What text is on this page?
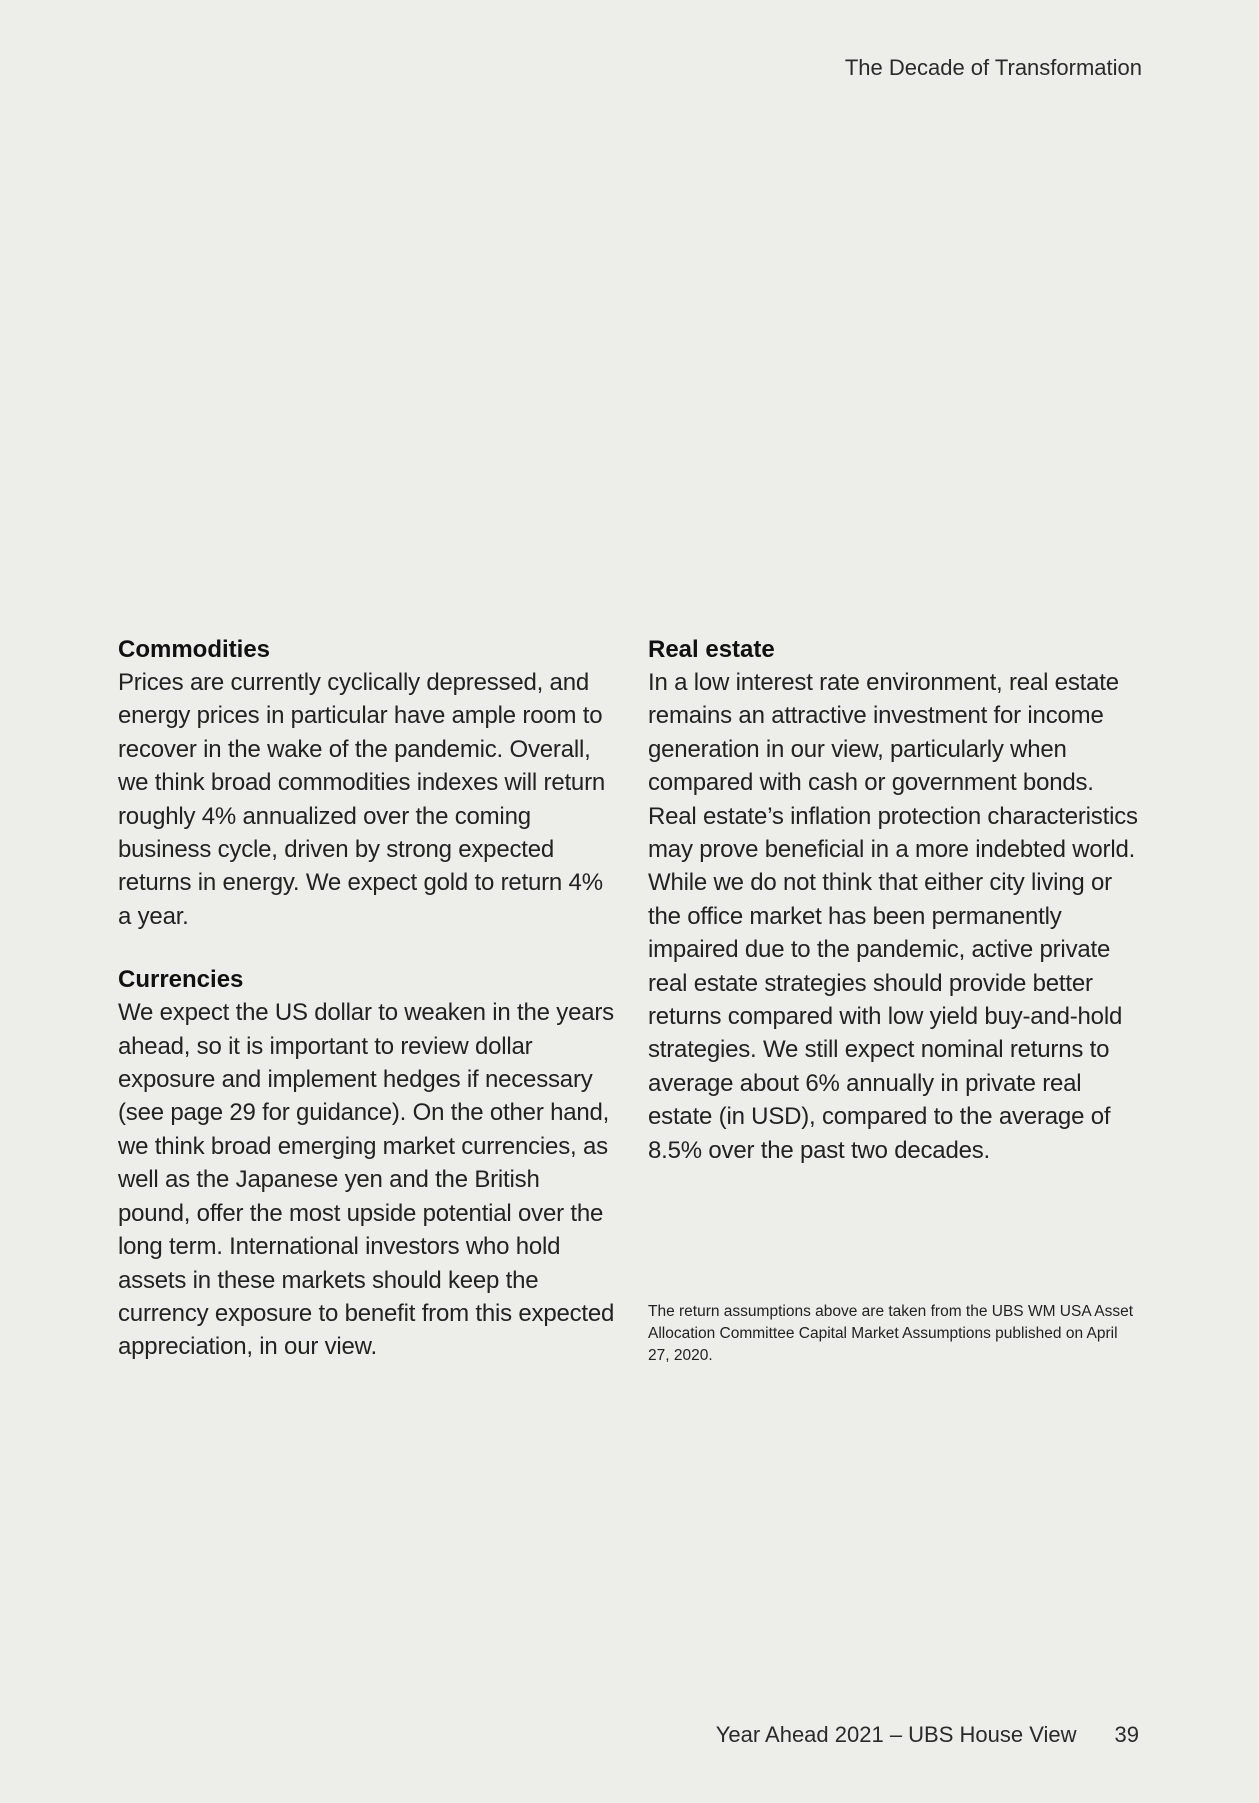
The Decade of Transformation
Commodities

Prices are currently cyclically depressed, and energy prices in particular have ample room to recover in the wake of the pandemic. Overall, we think broad commodities indexes will return roughly 4% annualized over the coming business cycle, driven by strong expected returns in energy. We expect gold to return 4% a year.

Currencies

We expect the US dollar to weaken in the years ahead, so it is important to review dollar exposure and implement hedges if necessary (see page 29 for guidance). On the other hand, we think broad emerging market currencies, as well as the Japanese yen and the British pound, offer the most upside potential over the long term. International investors who hold assets in these markets should keep the currency exposure to benefit from this expected appreciation, in our view.

Real estate

In a low interest rate environment, real estate remains an attractive investment for income generation in our view, particularly when compared with cash or government bonds. Real estate’s inflation protection characteristics may prove beneficial in a more indebted world. While we do not think that either city living or the office market has been permanently impaired due to the pandemic, active private real estate strategies should provide better returns compared with low yield buy-and-hold strategies. We still expect nominal returns to average about 6% annually in private real estate (in USD), compared to the average of 8.5% over the past two decades.

The return assumptions above are taken from the UBS WM USA Asset Allocation Committee Capital Market Assumptions published on April 27, 2020.
Year Ahead 2021 – UBS House View 39
